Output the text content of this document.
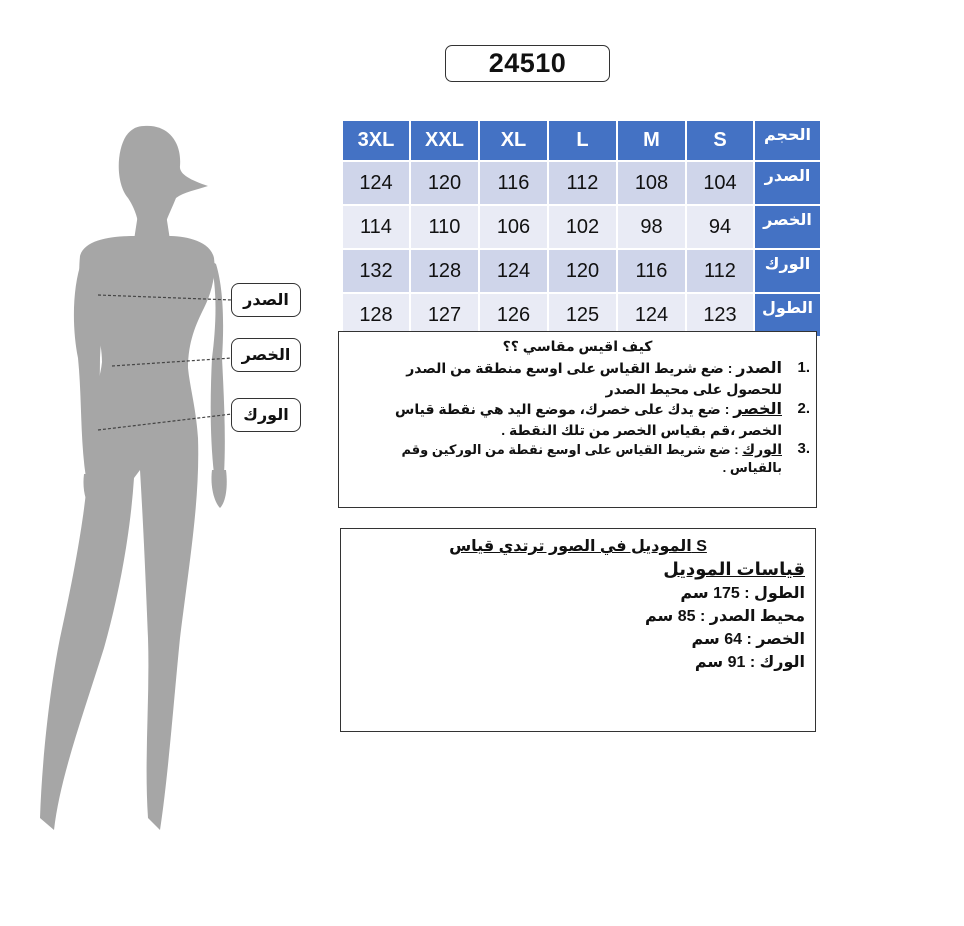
24510
الصدر
الخصر
الورك
3XL	XXL	XL	L	M	S	الحجم
124	120	116	112	108	104	الصدر
114	110	106	102	98	94	الخصر
132	128	124	120	116	112	الورك
128	127	126	125	124	123	الطول
كيف اقيس مقاسي ؟؟
1.
الصدر : ضع شريط القياس على اوسع منطقة من الصدر للحصول على محيط الصدر
2.
الخصر : ضع يدك على خصرك، موضع اليد هي نقطة قياس الخصر ،قم بقياس الخصر من تلك النقطة .
3.
الورك : ضع شريط القياس على اوسع نقطة من الوركين وقم بالقياس .
الموديل في الصور ترتدي قياس S
قياسات الموديل
الطول : 175 سم
محيط الصدر : 85 سم
الخصر : 64 سم
الورك : 91 سم
